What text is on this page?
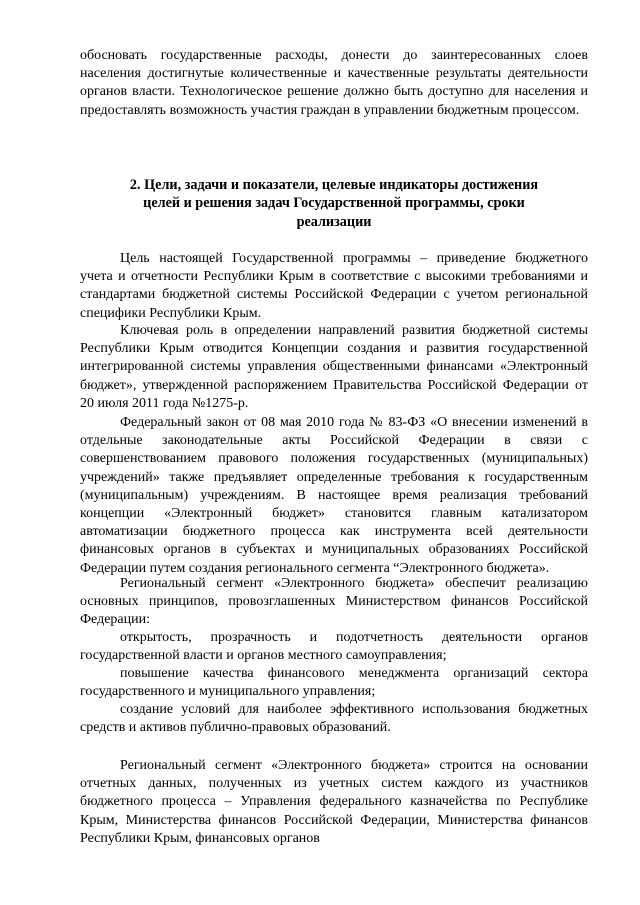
обосновать государственные расходы, донести до заинтересованных слоев населения достигнутые количественные и качественные результаты деятельности органов власти. Технологическое решение должно быть доступно для населения и предоставлять возможность участия граждан в управлении бюджетным процессом.

2. Цели, задачи и показатели, целевые индикаторы достижения целей и решения задач Государственной программы, сроки реализации

Цель настоящей Государственной программы – приведение бюджетного учета и отчетности Республики Крым в соответствие с высокими требованиями и стандартами бюджетной системы Российской Федерации с учетом региональной специфики Республики Крым.

Ключевая роль в определении направлений развития бюджетной системы Республики Крым отводится Концепции создания и развития государственной интегрированной системы управления общественными финансами «Электронный бюджет», утвержденной распоряжением Правительства Российской Федерации от 20 июля 2011 года №1275-р.

Федеральный закон от 08 мая 2010 года № 83-ФЗ «О внесении изменений в отдельные законодательные акты Российской Федерации в связи с совершенствованием правового положения государственных (муниципальных) учреждений» также предъявляет определенные требования к государственным (муниципальным) учреждениям. В настоящее время реализация требований концепции «Электронный бюджет» становится главным катализатором автоматизации бюджетного процесса как инструмента всей деятельности финансовых органов в субъектах и муниципальных образованиях Российской Федерации путем создания регионального сегмента “Электронного бюджета».

Региональный сегмент «Электронного бюджета» обеспечит реализацию основных принципов, провозглашенных Министерством финансов Российской Федерации:

открытость, прозрачность и подотчетность деятельности органов государственной власти и органов местного самоуправления;

повышение качества финансового менеджмента организаций сектора государственного и муниципального управления;

создание условий для наиболее эффективного использования бюджетных средств и активов публично-правовых образований.

Региональный сегмент «Электронного бюджета» строится на основании отчетных данных, полученных из учетных систем каждого из участников бюджетного процесса – Управления федерального казначейства по Республике Крым, Министерства финансов Российской Федерации, Министерства финансов Республики Крым, финансовых органов
